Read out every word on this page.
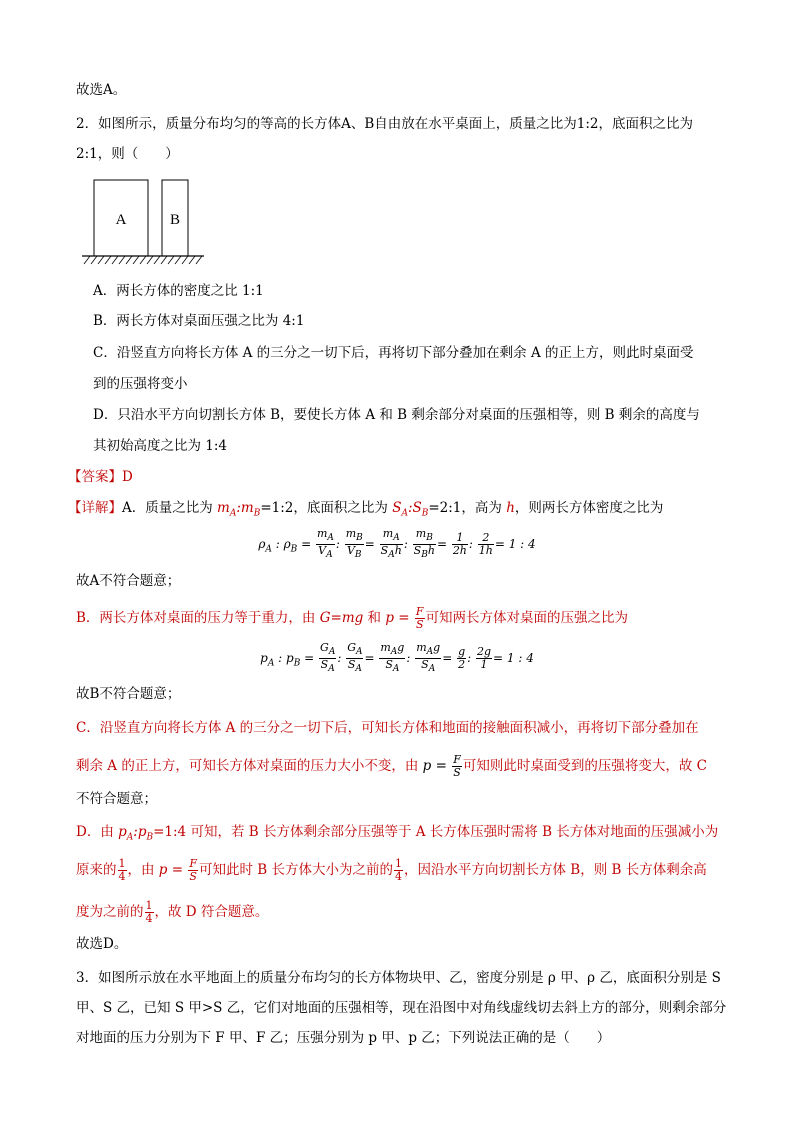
故选A。
2．如图所示，质量分布均匀的等高的长方体A、B自由放在水平桌面上，质量之比为1:2，底面积之比为
2:1，则（　　）
A	B
A．两长方体的密度之比 1:1
B．两长方体对桌面压强之比为 4:1
C．沿竖直方向将长方体 A 的三分之一切下后，再将切下部分叠加在剩余 A 的正上方，则此时桌面受
到的压强将变小
D．只沿水平方向切割长方体 B，要使长方体 A 和 B 剩余部分对桌面的压强相等，则 B 剩余的高度与
其初始高度之比为 1:4
【答案】D
【详解】A．质量之比为 $m_A:m_B=1:2$，底面积之比为 $S_A:S_B=2:1$，高为 h，则两长方体密度之比为
$\rho_A$ : $\rho_B = \frac{m_A}{V_A}$ : $\frac{m_B}{V_B} = \frac{m_A}{S_Ah}$ : $\frac{m_B}{S_Bh} = \frac{1}{2h}$ : $\frac{2}{1h} = 1$ : 4
故A不符合题意；
B．两长方体对桌面的压力等于重力，由 G=mg 和 $p = \frac{F}{S}$ 可知两长方体对桌面的压强之比为
$p_A$ : $p_B = \frac{G_A}{S_A}$ : $\frac{G_A}{S_A} = \frac{m_Ag}{S_A}$ : $\frac{m_Ag}{S_A} = \frac{g}{2}$ : $\frac{2g}{1} = 1$ : 4
故B不符合题意；
C．沿竖直方向将长方体 A 的三分之一切下后，可知长方体和地面的接触面积减小，再将切下部分叠加在
剩余 A 的正上方，可知长方体对桌面的压力大小不变，由 $p = \frac{F}{S}$ 可知则此时桌面受到的压强将变大，故 C
不符合题意；
D．由 $p_A:p_B=1:4$ 可知，若 B 长方体剩余部分压强等于 A 长方体压强时需将 B 长方体对地面的压强减小为
原来的 $\frac{1}{4}$ ，由 $p = \frac{F}{S}$ 可知此时 B 长方体大小为之前的 $\frac{1}{4}$ ，因沿水平方向切割长方体 B，则 B 长方体剩余高
度为之前的 $\frac{1}{4}$ ，故 D 符合题意。
故选D。
3．如图所示放在水平地面上的质量分布均匀的长方体物块甲、乙，密度分别是 ρ 甲、ρ 乙，底面积分别是 S
甲、S 乙，已知 S 甲>S 乙，它们对地面的压强相等，现在沿图中对角线虚线切去斜上方的部分，则剩余部分
对地面的压力分别为下 F 甲、F 乙；压强分别为 p 甲、p 乙；下列说法正确的是（　　）
